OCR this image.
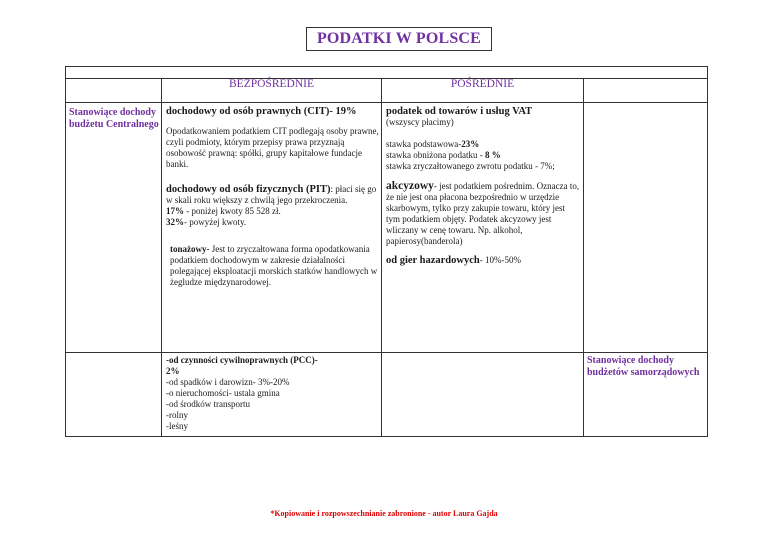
PODATKI W POLSCE
BEZPOŚREDNIE	POŚREDNIE
Stanowiące dochody budżetu Centralnego
Stanowiące dochody budżetów samorządowych
dochodowy od osób prawnych (CIT)- 19%
Opodatkowaniem podatkiem CIT podlegają osoby prawne, czyli podmioty, którym przepisy prawa przyznają osobowość prawną: spółki, grupy kapitałowe fundacje banki.
dochodowy od osób fizycznych (PIT): płaci się go w skali roku większy z chwilą jego przekroczenia.
17% - poniżej kwoty 85 528 zł.
32%- powyżej kwoty.
tonażowy- Jest to zryczałtowana forma opodatkowania podatkiem dochodowym w zakresie działalności polegającej eksploatacji morskich statków handlowych w żegludze międzynarodowej.
podatek od towarów i usług VAT
(wszyscy płacimy)
stawka podstawowa-23%
stawka obniżona podatku - 8 %
stawka zryczałtowanego zwrotu podatku - 7%;
akcyzowy- jest podatkiem pośrednim. Oznacza to, że nie jest ona płacona bezpośrednio w urzędzie skarbowym, tylko przy zakupie towaru, który jest tym podatkiem objęty. Podatek akcyzowy jest wliczany w cenę towaru. Np. alkohol, papierosy(banderola)
od gier hazardowych- 10%-50%
-od czynności cywilnoprawnych (PCC)-
2%
-od spadków i darowizn- 3%-20%
-o nieruchomości- ustala gmina
-od środków transportu
-rolny
-leśny
*Kopiowanie i rozpowszechnianie zabronione - autor Laura Gajda
